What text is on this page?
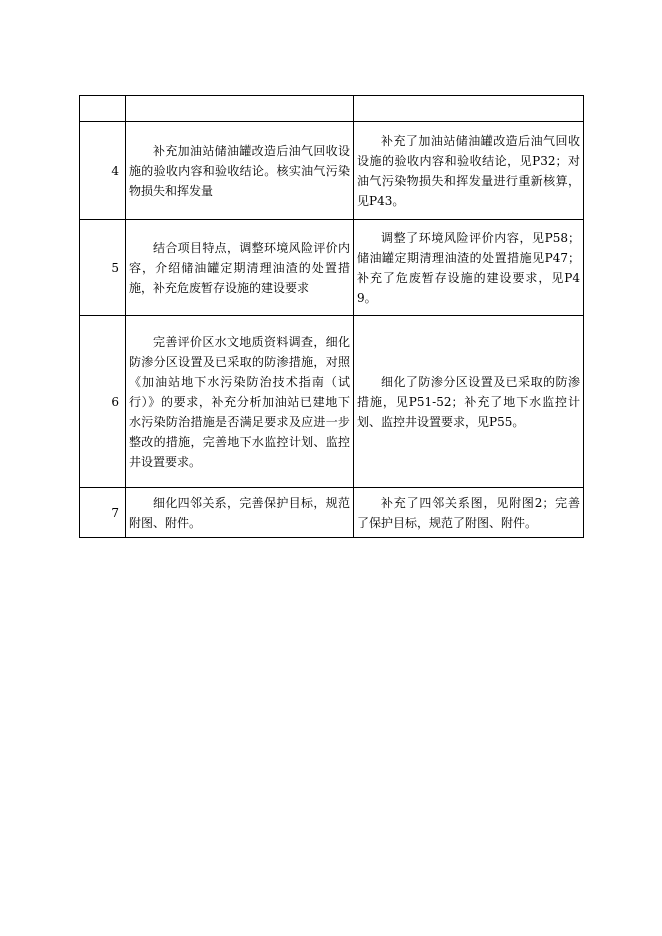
4	补充加油站储油罐改造后油气回收设施的验收内容和验收结论。核实油气污染物损失和挥发量	补充了加油站储油罐改造后油气回收设施的验收内容和验收结论，见P32；对油气污染物损失和挥发量进行重新核算，见P43。

5	结合项目特点，调整环境风险评价内容，介绍储油罐定期清理油渣的处置措施，补充危废暂存设施的建设要求	调整了环境风险评价内容，见P58；储油罐定期清理油渣的处置措施见P47；补充了危废暂存设施的建设要求，见P49。

6	完善评价区水文地质资料调查，细化防渗分区设置及已采取的防渗措施，对照《加油站地下水污染防治技术指南（试行）》的要求，补充分析加油站已建地下水污染防治措施是否满足要求及应进一步整改的措施，完善地下水监控计划、监控井设置要求。	细化了防渗分区设置及已采取的防渗措施，见P51-52；补充了地下水监控计划、监控井设置要求，见P55。

7	细化四邻关系，完善保护目标，规范附图、附件。	补充了四邻关系图，见附图2；完善了保护目标，规范了附图、附件。
